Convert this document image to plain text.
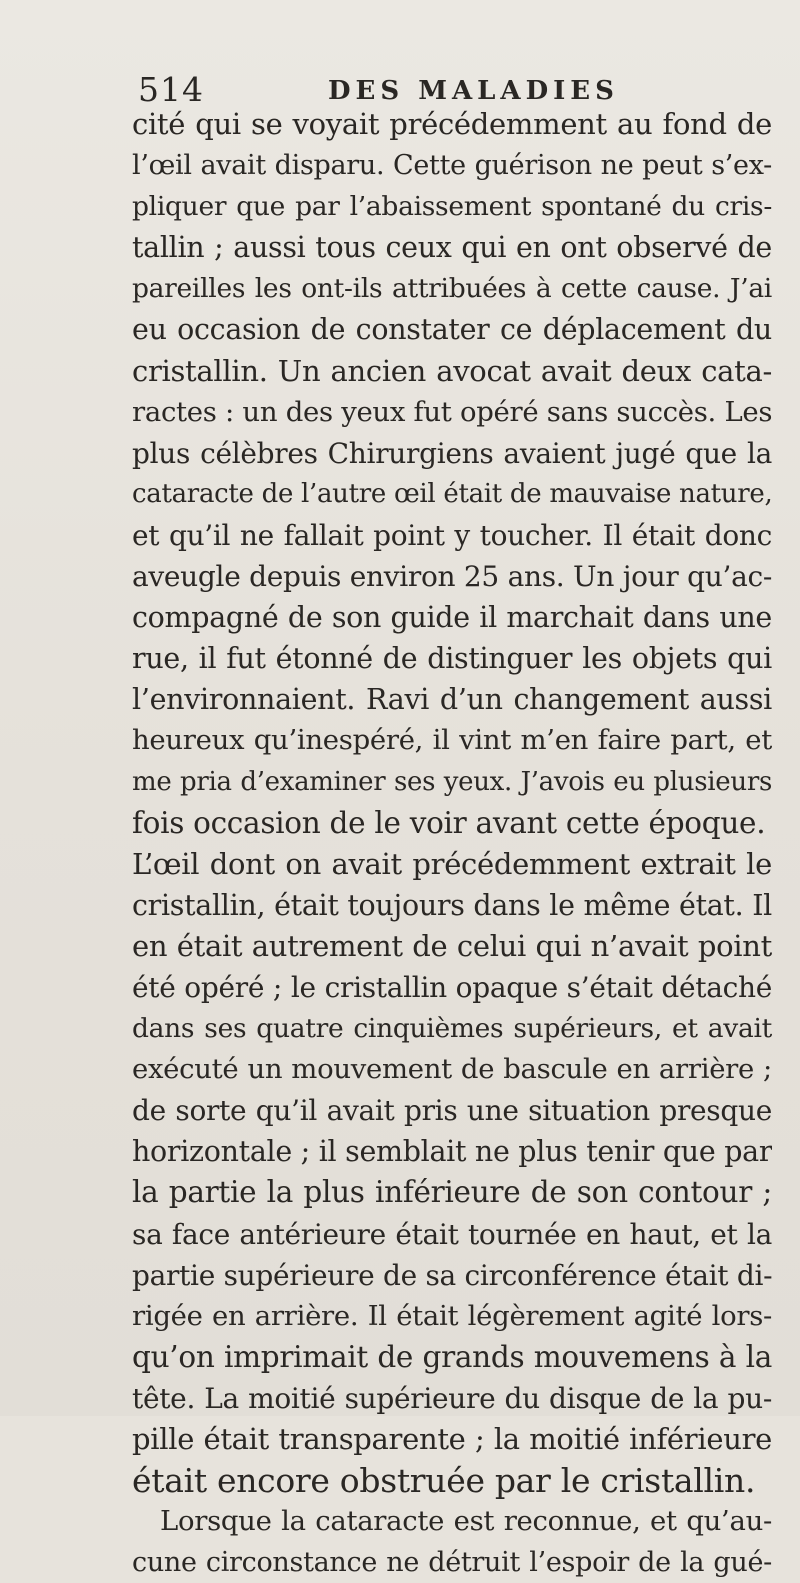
514	DES MALADIES
cité qui se voyait précédemment au fond de
l’œil avait disparu. Cette guérison ne peut s’ex-
pliquer que par l’abaissement spontané du cris-
tallin ; aussi tous ceux qui en ont observé de
pareilles les ont-ils attribuées à cette cause. J’ai
eu occasion de constater ce déplacement du
cristallin. Un ancien avocat avait deux cata-
ractes : un des yeux fut opéré sans succès. Les
plus célèbres Chirurgiens avaient jugé que la
cataracte de l’autre œil était de mauvaise nature,
et qu’il ne fallait point y toucher. Il était donc
aveugle depuis environ 25 ans. Un jour qu’ac-
compagné de son guide il marchait dans une
rue, il fut étonné de distinguer les objets qui
l’environnaient. Ravi d’un changement aussi
heureux qu’inespéré, il vint m’en faire part, et
me pria d’examiner ses yeux. J’avois eu plusieurs
fois occasion de le voir avant cette époque.
L’œil dont on avait précédemment extrait le
cristallin, était toujours dans le même état. Il
en était autrement de celui qui n’avait point
été opéré ; le cristallin opaque s’était détaché
dans ses quatre cinquièmes supérieurs, et avait
exécuté un mouvement de bascule en arrière ;
de sorte qu’il avait pris une situation presque
horizontale ; il semblait ne plus tenir que par
la partie la plus inférieure de son contour ;
sa face antérieure était tournée en haut, et la
partie supérieure de sa circonférence était di-
rigée en arrière. Il était légèrement agité lors-
qu’on imprimait de grands mouvemens à la
tête. La moitié supérieure du disque de la pu-
pille était transparente ; la moitié inférieure
était encore obstruée par le cristallin.
Lorsque la cataracte est reconnue, et qu’au-
cune circonstance ne détruit l’espoir de la gué-
